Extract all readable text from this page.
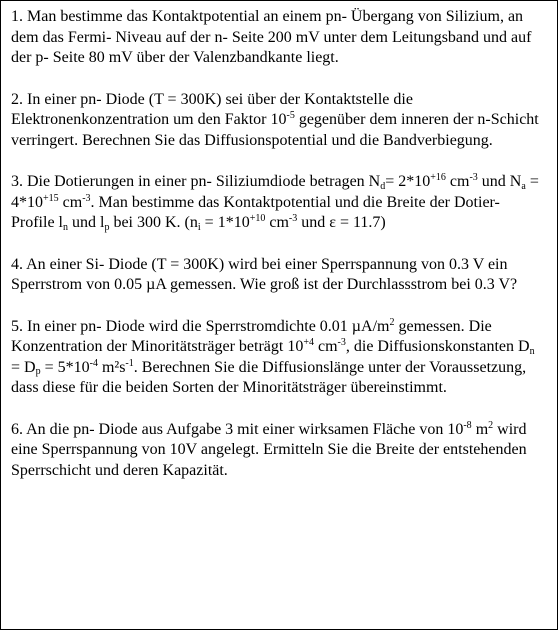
1. Man bestimme das Kontaktpotential an einem pn- Übergang von Silizium, an dem das Fermi- Niveau auf der n- Seite 200 mV unter dem Leitungsband und auf der p- Seite 80 mV über der Valenzbandkante liegt.

2. In einer pn- Diode (T = 300K) sei über der Kontaktstelle die Elektronenkonzentration um den Faktor $10^{-5}$ gegenüber dem inneren der n-Schicht verringert. Berechnen Sie das Diffusionspotential und die Bandverbiegung.

3. Die Dotierungen in einer pn- Siliziumdiode betragen $N_d= 2*10^{+16}$ $cm^{-3}$ und $N_a = 4*10^{+15}$ $cm^{-3}$. Man bestimme das Kontaktpotential und die Breite der Dotier- Profile $l_n$ und $l_p$ bei 300 K. ($n_i = 1*10^{+10}$ $cm^{-3}$ und ε = 11.7)

4. An einer Si- Diode (T = 300K) wird bei einer Sperrspannung von 0.3 V ein Sperrstrom von 0.05 µA gemessen. Wie groß ist der Durchlassstrom bei 0.3 V?

5. In einer pn- Diode wird die Sperrstromdichte 0.01 $\mu A/m^2$ gemessen. Die Konzentration der Minoritätsträger beträgt $10^{+4}$ $cm^{-3}$, die Diffusionskonstanten $D_n = D_p = 5*10^{-4}$ $m^2s^{-1}$. Berechnen Sie die Diffusionslänge unter der Voraussetzung, dass diese für die beiden Sorten der Minoritätsträger übereinstimmt.

6. An die pn- Diode aus Aufgabe 3 mit einer wirksamen Fläche von $10^{-8}$ $m^2$ wird eine Sperrspannung von 10V angelegt. Ermitteln Sie die Breite der entstehenden Sperrschicht und deren Kapazität.
